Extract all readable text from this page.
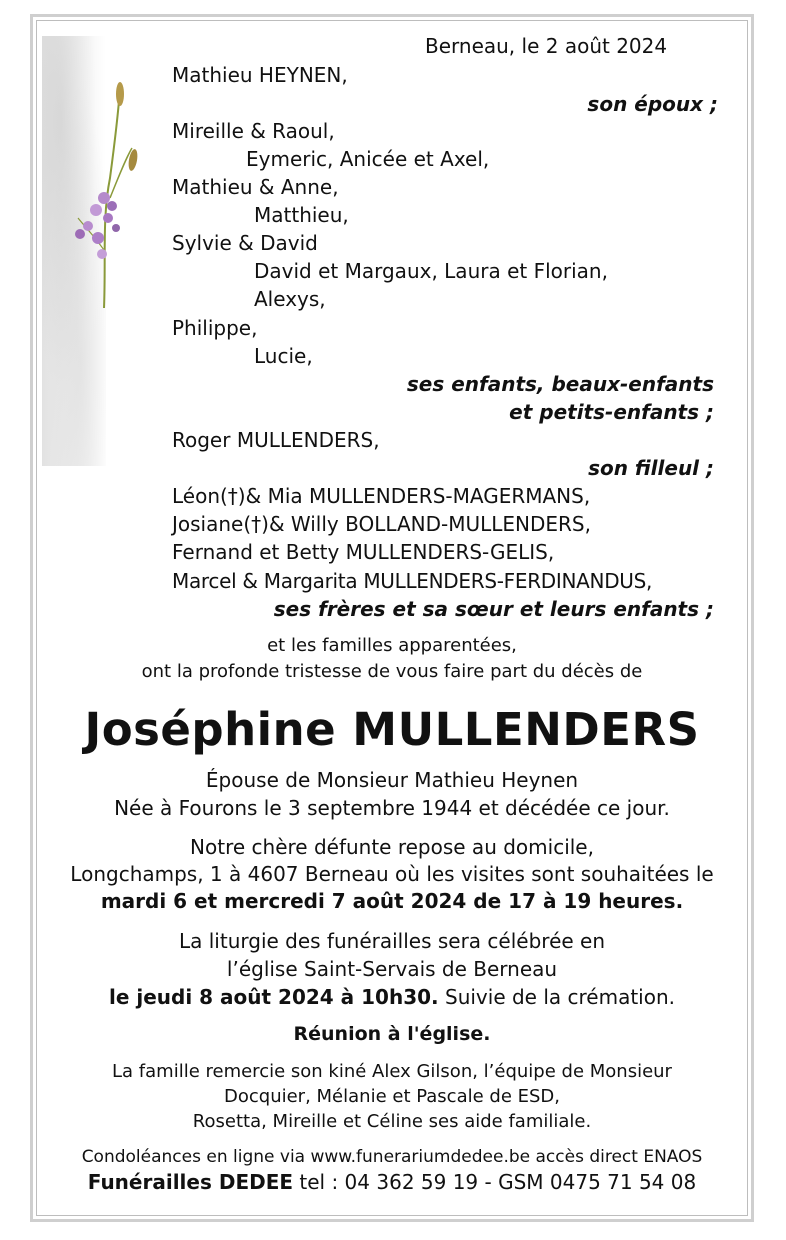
Berneau, le 2 août 2024
Mathieu HEYNEN,
son époux ;
Mireille & Raoul,
Eymeric, Anicée et Axel,
Mathieu & Anne,
Matthieu,
Sylvie & David
David et Margaux, Laura et Florian,
Alexys,
Philippe,
Lucie,
ses enfants, beaux-enfants
et petits-enfants ;
Roger MULLENDERS,
son filleul ;
Léon(†)& Mia MULLENDERS-MAGERMANS,
Josiane(†)& Willy BOLLAND-MULLENDERS,
Fernand et Betty MULLENDERS-GELIS,
Marcel & Margarita MULLENDERS-FERDINANDUS,
ses frères et sa sœur et leurs enfants ;
et les familles apparentées,
ont la profonde tristesse de vous faire part du décès de
Joséphine MULLENDERS
Épouse de Monsieur Mathieu Heynen
Née à Fourons le 3 septembre 1944 et décédée ce jour.
Notre chère défunte repose au domicile,
Longchamps, 1 à 4607 Berneau où les visites sont souhaitées le
mardi 6 et mercredi 7 août 2024 de 17 à 19 heures.
La liturgie des funérailles sera célébrée en
l’église Saint-Servais de Berneau
le jeudi 8 août 2024 à 10h30. Suivie de la crémation.
Réunion à l'église.
La famille remercie son kiné Alex Gilson, l’équipe de Monsieur
Docquier, Mélanie et Pascale de ESD,
Rosetta, Mireille et Céline ses aide familiale.
Condoléances en ligne via www.funerariumdedee.be accès direct ENAOS
Funérailles DEDEE tel : 04 362 59 19 - GSM 0475 71 54 08
